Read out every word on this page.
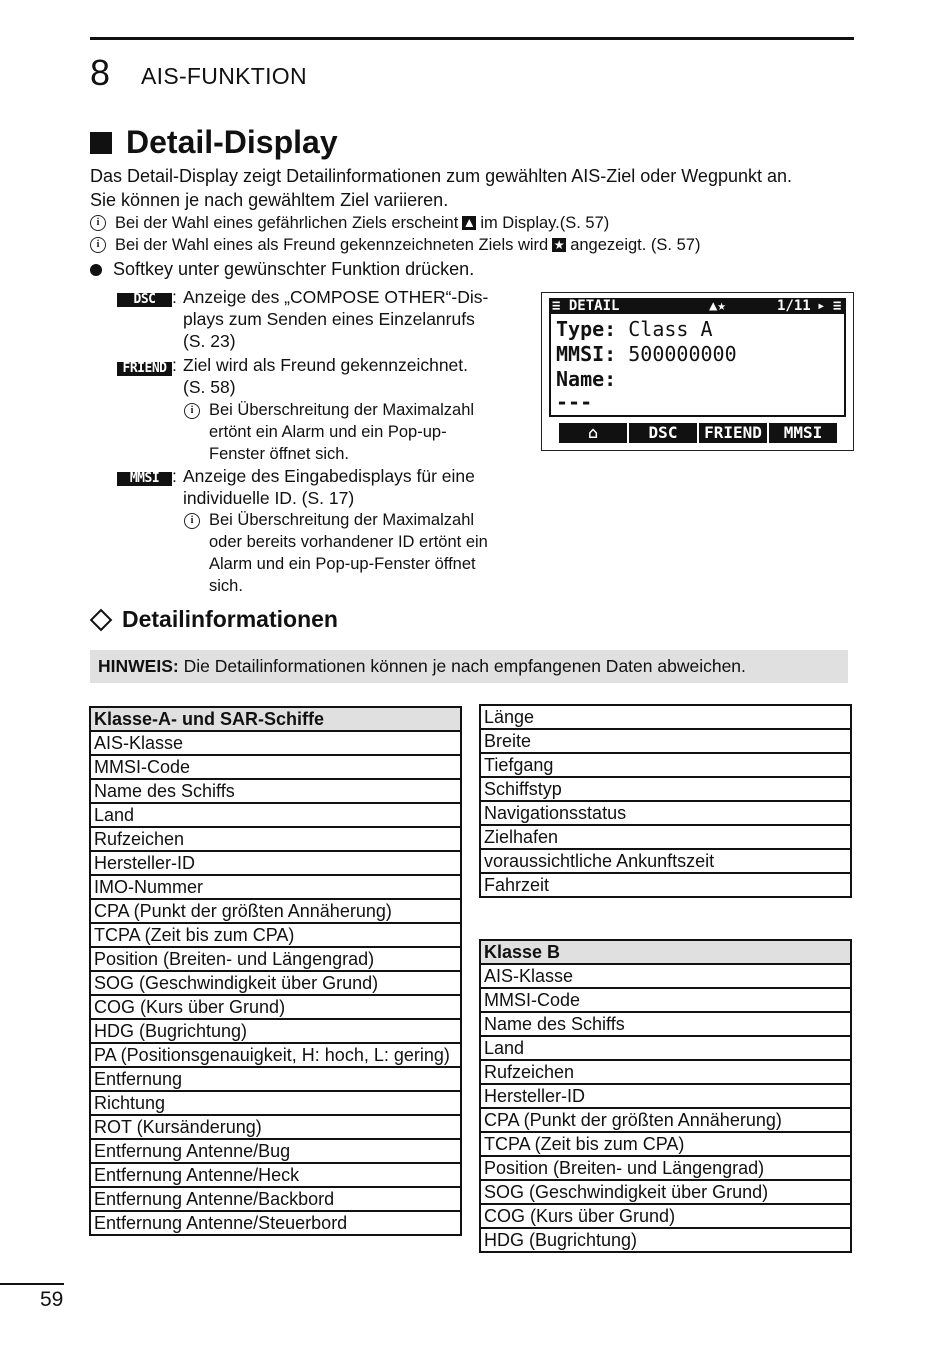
8 AIS-FUNKTION
Detail-Display
Das Detail-Display zeigt Detailinformationen zum gewählten AIS-Ziel oder Wegpunkt an.
Sie können je nach gewähltem Ziel variieren.
i Bei der Wahl eines gefährlichen Ziels erscheint im Display.(S. 57)
i Bei der Wahl eines als Freund gekennzeichneten Ziels wird angezeigt. (S. 57)
Softkey unter gewünschter Funktion drücken.
DSC : Anzeige des „COMPOSE OTHER“-Dis-
plays zum Senden eines Einzelanrufs
(S. 23)
FRIEND : Ziel wird als Freund gekennzeichnet.
(S. 58)
i Bei Überschreitung der Maximalzahl
ertönt ein Alarm und ein Pop-up-
Fenster öffnet sich.
MMSI : Anzeige des Eingabedisplays für eine
individuelle ID. (S. 17)
i Bei Überschreitung der Maximalzahl
oder bereits vorhandener ID ertönt ein
Alarm und ein Pop-up-Fenster öffnet
sich.
≡ DETAIL	▲★	1/11 ▸ ≡
Type: Class A
MMSI: 500000000
Name:
---
⌂	DSC	FRIEND	MMSI
Detailinformationen
HINWEIS: Die Detailinformationen können je nach empfangenen Daten abweichen.
Klasse-A- und SAR-Schiffe
AIS-Klasse
MMSI-Code
Name des Schiffs
Land
Rufzeichen
Hersteller-ID
IMO-Nummer
CPA (Punkt der größten Annäherung)
TCPA (Zeit bis zum CPA)
Position (Breiten- und Längengrad)
SOG (Geschwindigkeit über Grund)
COG (Kurs über Grund)
HDG (Bugrichtung)
PA (Positionsgenauigkeit, H: hoch, L: gering)
Entfernung
Richtung
ROT (Kursänderung)
Entfernung Antenne/Bug
Entfernung Antenne/Heck
Entfernung Antenne/Backbord
Entfernung Antenne/Steuerbord
Länge
Breite
Tiefgang
Schiffstyp
Navigationsstatus
Zielhafen
voraussichtliche Ankunftszeit
Fahrzeit
Klasse B
AIS-Klasse
MMSI-Code
Name des Schiffs
Land
Rufzeichen
Hersteller-ID
CPA (Punkt der größten Annäherung)
TCPA (Zeit bis zum CPA)
Position (Breiten- und Längengrad)
SOG (Geschwindigkeit über Grund)
COG (Kurs über Grund)
HDG (Bugrichtung)
59
